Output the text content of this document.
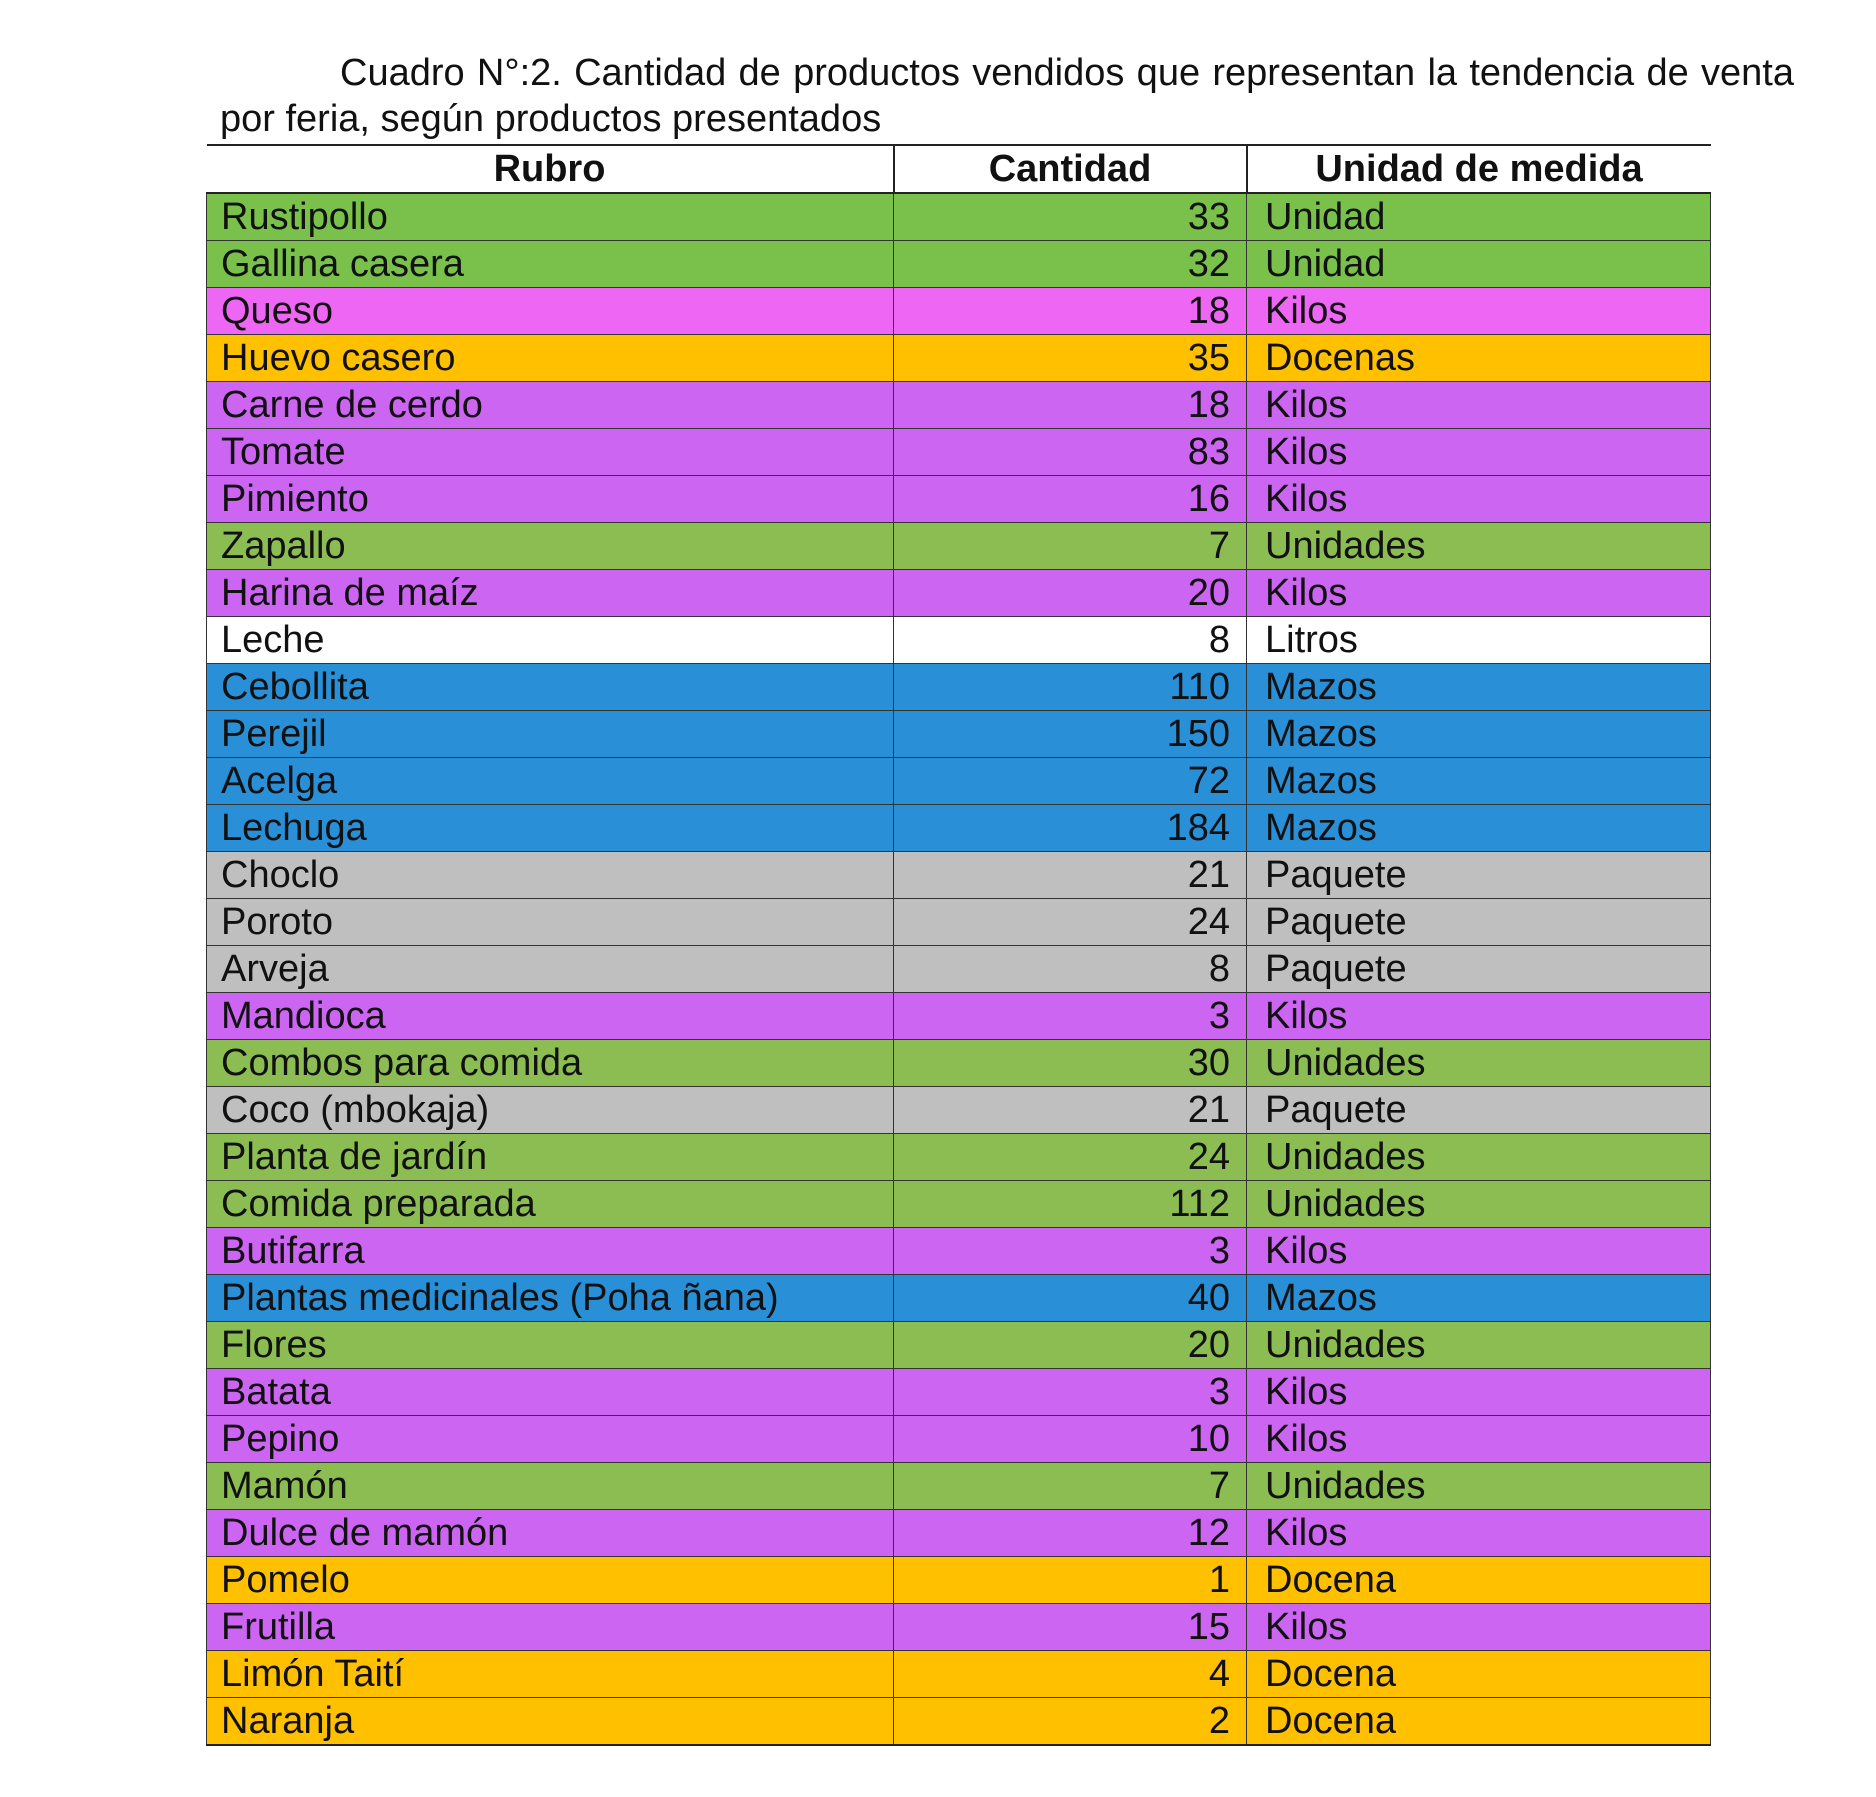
Cuadro N°:2. Cantidad de productos vendidos que representan la tendencia de venta por feria, según productos presentados
Rubro	Cantidad	Unidad de medida
Rustipollo	33	Unidad
Gallina casera	32	Unidad
Queso	18	Kilos
Huevo casero	35	Docenas
Carne de cerdo	18	Kilos
Tomate	83	Kilos
Pimiento	16	Kilos
Zapallo	7	Unidades
Harina de maíz	20	Kilos
Leche	8	Litros
Cebollita	110	Mazos
Perejil	150	Mazos
Acelga	72	Mazos
Lechuga	184	Mazos
Choclo	21	Paquete
Poroto	24	Paquete
Arveja	8	Paquete
Mandioca	3	Kilos
Combos para comida	30	Unidades
Coco (mbokaja)	21	Paquete
Planta de jardín	24	Unidades
Comida preparada	112	Unidades
Butifarra	3	Kilos
Plantas medicinales (Poha ñana)	40	Mazos
Flores	20	Unidades
Batata	3	Kilos
Pepino	10	Kilos
Mamón	7	Unidades
Dulce de mamón	12	Kilos
Pomelo	1	Docena
Frutilla	15	Kilos
Limón Taití	4	Docena
Naranja	2	Docena
